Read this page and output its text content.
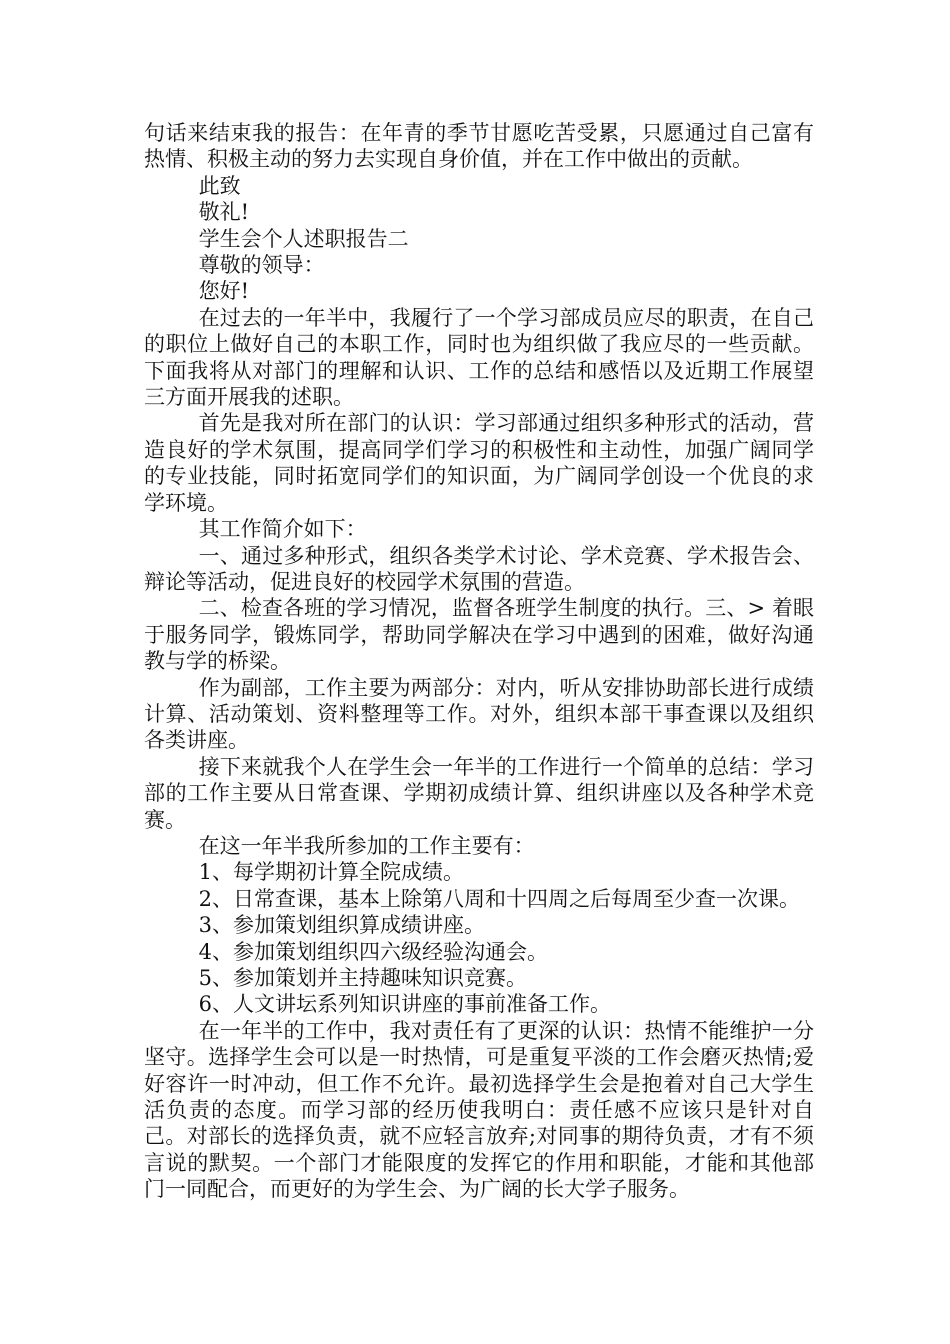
句话来结束我的报告：在年青的季节甘愿吃苦受累，只愿通过自己富有热情、积极主动的努力去实现自身价值，并在工作中做出的贡献。

此致

敬礼!

学生会个人述职报告二

尊敬的领导：

您好!

在过去的一年半中，我履行了一个学习部成员应尽的职责，在自己的职位上做好自己的本职工作，同时也为组织做了我应尽的一些贡献。下面我将从对部门的理解和认识、工作的总结和感悟以及近期工作展望三方面开展我的述职。

首先是我对所在部门的认识：学习部通过组织多种形式的活动，营造良好的学术氛围，提高同学们学习的积极性和主动性，加强广阔同学的专业技能，同时拓宽同学们的知识面，为广阔同学创设一个优良的求学环境。

其工作简介如下：

一、通过多种形式，组织各类学术讨论、学术竞赛、学术报告会、辩论等活动，促进良好的校园学术氛围的营造。

二、检查各班的学习情况，监督各班学生制度的执行。三、> 着眼于服务同学，锻炼同学，帮助同学解决在学习中遇到的困难，做好沟通教与学的桥梁。

作为副部，工作主要为两部分：对内，听从安排协助部长进行成绩计算、活动策划、资料整理等工作。对外，组织本部干事查课以及组织各类讲座。

接下来就我个人在学生会一年半的工作进行一个简单的总结：学习部的工作主要从日常查课、学期初成绩计算、组织讲座以及各种学术竞赛。

在这一年半我所参加的工作主要有：

1、每学期初计算全院成绩。

2、日常查课，基本上除第八周和十四周之后每周至少查一次课。

3、参加策划组织算成绩讲座。

4、参加策划组织四六级经验沟通会。

5、参加策划并主持趣味知识竞赛。

6、人文讲坛系列知识讲座的事前准备工作。

在一年半的工作中，我对责任有了更深的认识：热情不能维护一分坚守。选择学生会可以是一时热情，可是重复平淡的工作会磨灭热情;爱好容许一时冲动，但工作不允许。最初选择学生会是抱着对自己大学生活负责的态度。而学习部的经历使我明白：责任感不应该只是针对自己。对部长的选择负责，就不应轻言放弃;对同事的期待负责，才有不须言说的默契。一个部门才能限度的发挥它的作用和职能，才能和其他部门一同配合，而更好的为学生会、为广阔的长大学子服务。
